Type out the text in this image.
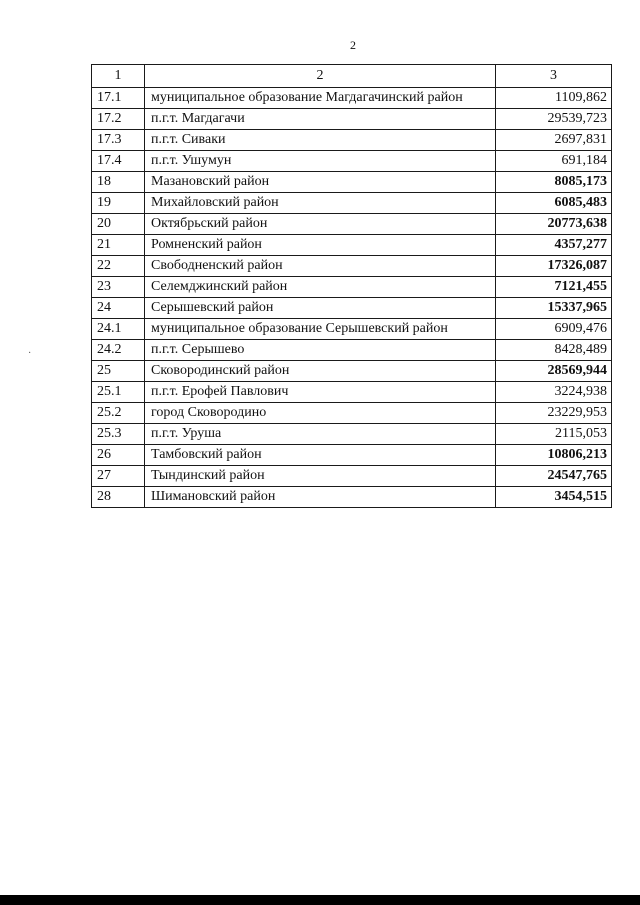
2
·
1	2	3
17.1	муниципальное образование Магдагачинский район	1109,862
17.2	п.г.т. Магдагачи	29539,723
17.3	п.г.т. Сиваки	2697,831
17.4	п.г.т. Ушумун	691,184
18	Мазановский район	8085,173
19	Михайловский район	6085,483
20	Октябрьский район	20773,638
21	Ромненский район	4357,277
22	Свободненский район	17326,087
23	Селемджинский район	7121,455
24	Серышевский район	15337,965
24.1	муниципальное образование Серышевский район	6909,476
24.2	п.г.т. Серышево	8428,489
25	Сковородинский район	28569,944
25.1	п.г.т. Ерофей Павлович	3224,938
25.2	город Сковородино	23229,953
25.3	п.г.т. Уруша	2115,053
26	Тамбовский район	10806,213
27	Тындинский район	24547,765
28	Шимановский район	3454,515
